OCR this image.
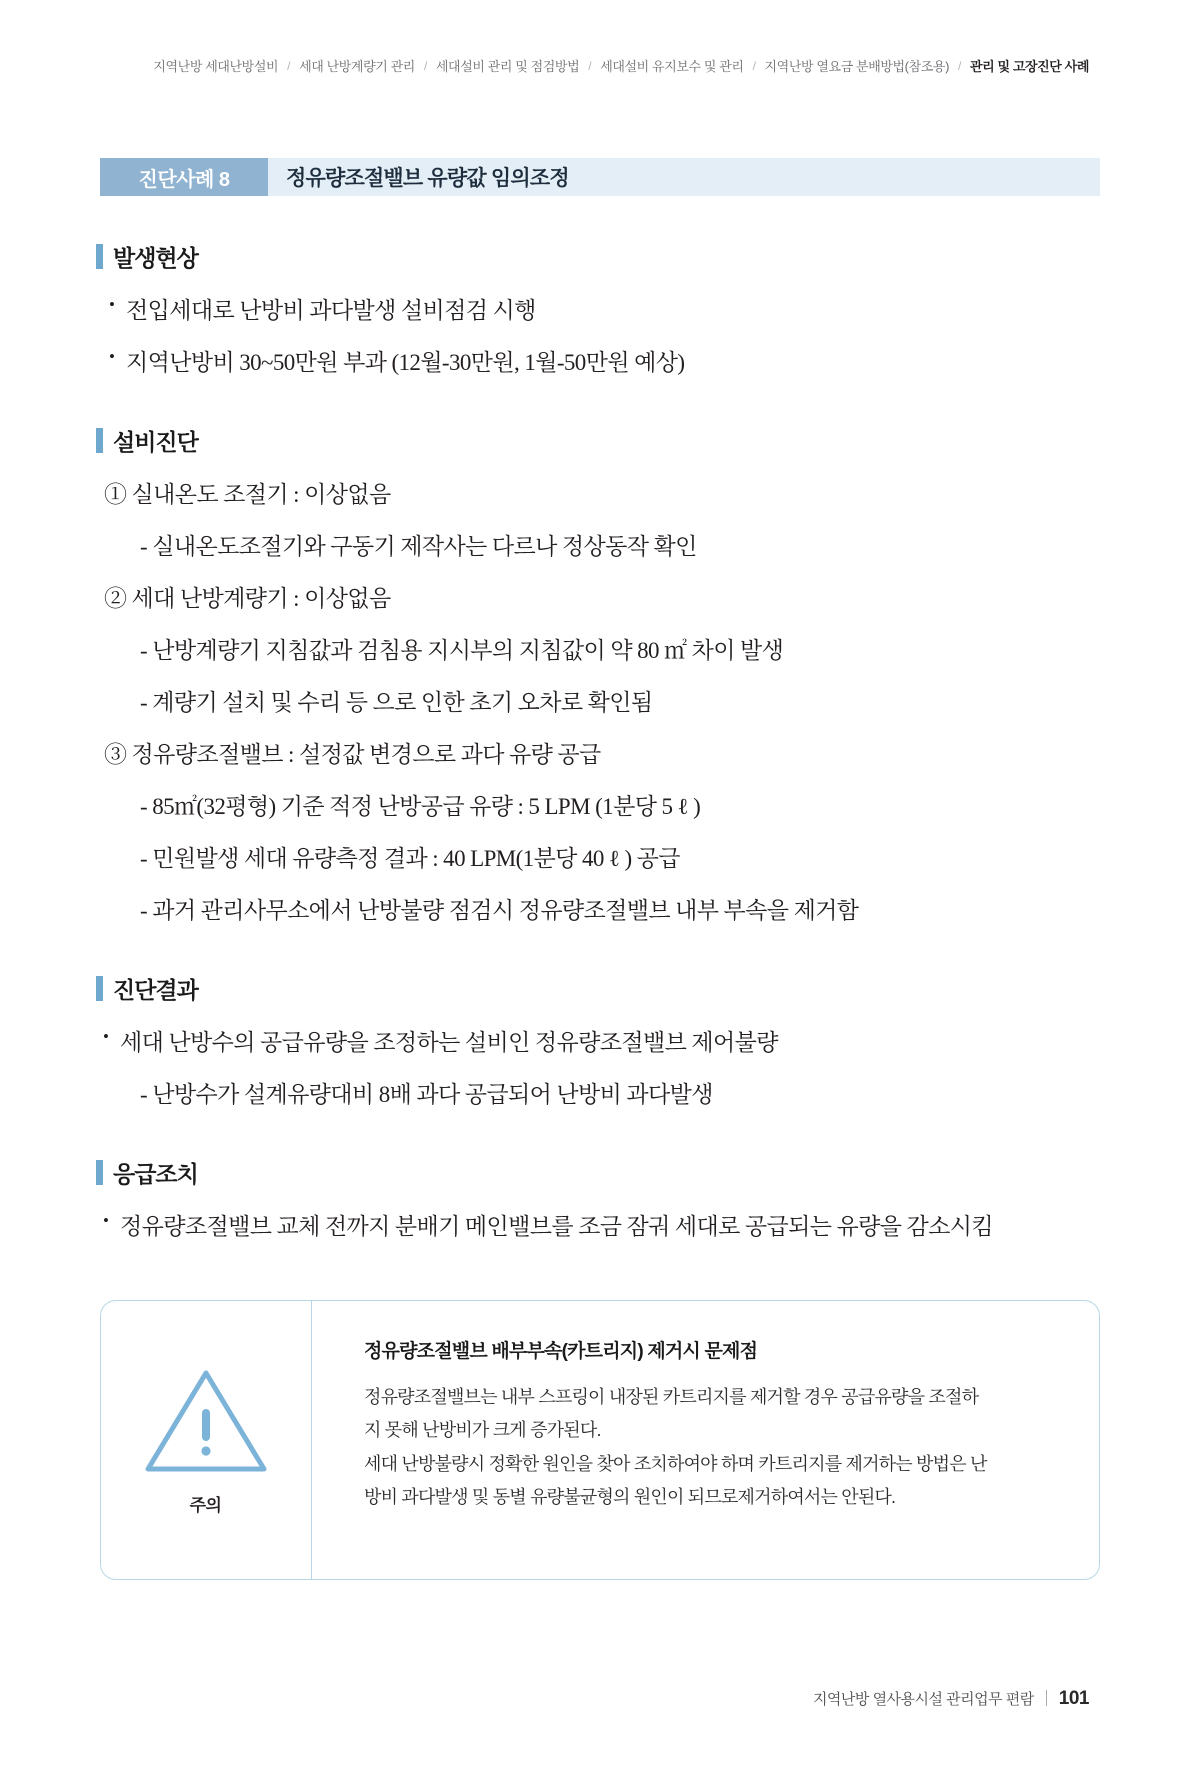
지역난방 세대난방설비 / 세대 난방계량기 관리 / 세대설비 관리 및 점검방법 / 세대설비 유지보수 및 관리 / 지역난방 열요금 분배방법(참조용) / 관리 및 고장진단 사례
진단사례 8	정유량조절밸브 유량값 임의조정
발생현상
• 전입세대로 난방비 과다발생 설비점검 시행
• 지역난방비 30~50만원 부과 (12월-30만원, 1월-50만원 예상)
설비진단
① 실내온도 조절기 : 이상없음
- 실내온도조절기와 구동기 제작사는 다르나 정상동작 확인
② 세대 난방계량기 : 이상없음
- 난방계량기 지침값과 검침용 지시부의 지침값이 약 80 ㎡ 차이 발생
- 계량기 설치 및 수리 등 으로 인한 초기 오차로 확인됨
③ 정유량조절밸브 : 설정값 변경으로 과다 유량 공급
- 85㎡(32평형) 기준 적정 난방공급 유량 : 5 LPM (1분당 5 ℓ )
- 민원발생 세대 유량측정 결과 : 40 LPM(1분당 40 ℓ ) 공급
- 과거 관리사무소에서 난방불량 점검시 정유량조절밸브 내부 부속을 제거함
진단결과
• 세대 난방수의 공급유량을 조정하는 설비인 정유량조절밸브 제어불량
- 난방수가 설계유량대비 8배 과다 공급되어 난방비 과다발생
응급조치
• 정유량조절밸브 교체 전까지 분배기 메인밸브를 조금 잠궈 세대로 공급되는 유량을 감소시킴
주의
정유량조절밸브 배부부속(카트리지) 제거시 문제점

정유량조절밸브는 내부 스프링이 내장된 카트리지를 제거할 경우 공급유량을 조절하
지 못해 난방비가 크게 증가된다.
세대 난방불량시 정확한 원인을 찾아 조치하여야 하며 카트리지를 제거하는 방법은 난
방비 과다발생 및 동별 유량불균형의 원인이 되므로제거하여서는 안된다.

지역난방 열사용시설 관리업무 편람 101
